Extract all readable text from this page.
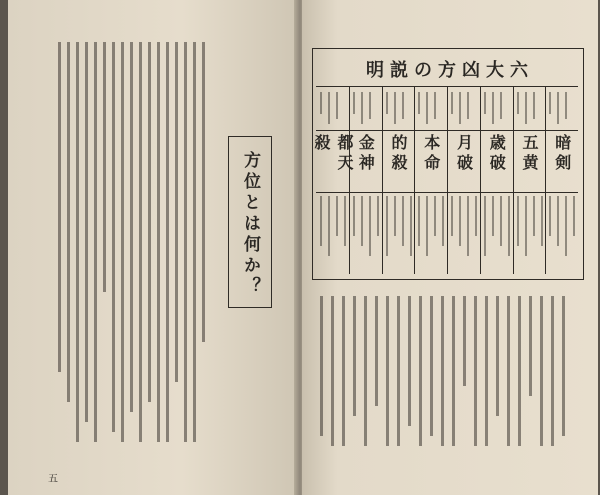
方位とは何か？
五
六大凶方の説明
暗剣
五黄
歳破
月破
本命
的殺
金神
都天殺
